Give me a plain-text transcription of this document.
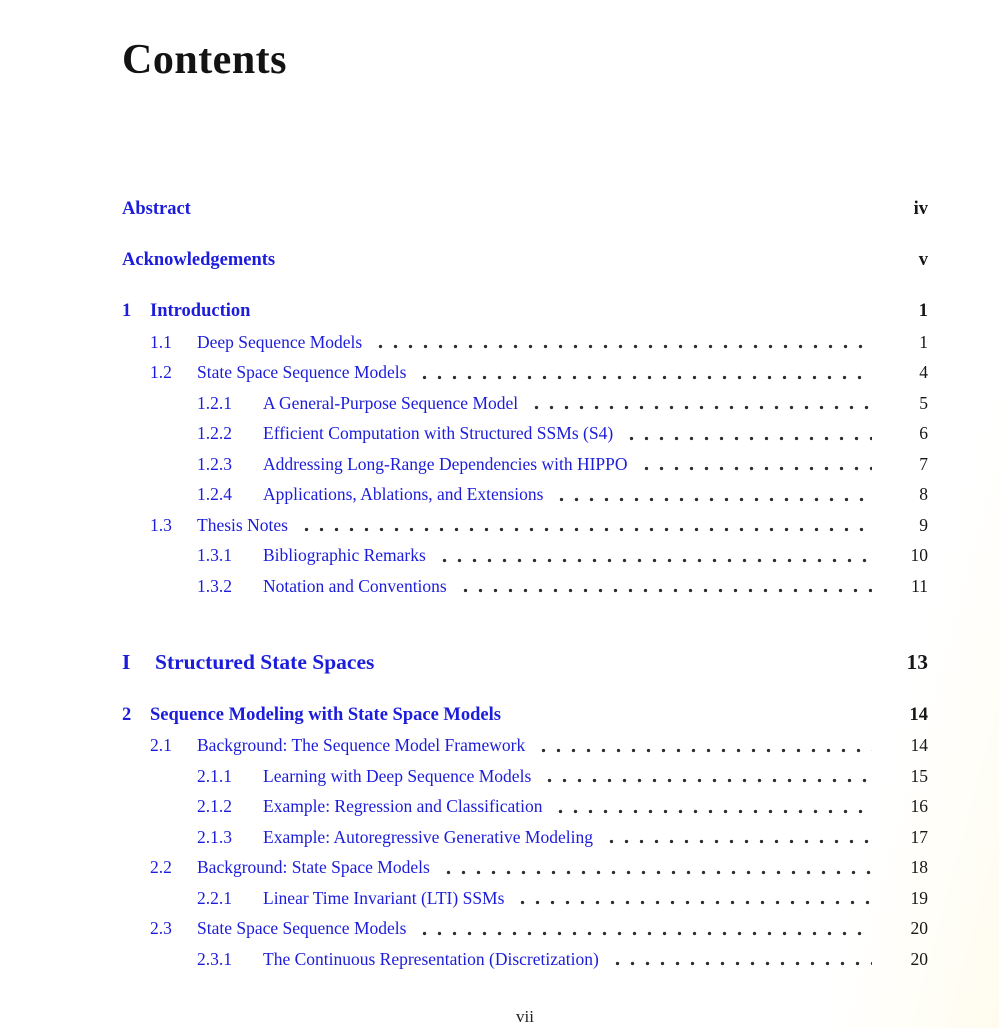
Contents
Abstract	iv
Acknowledgements	v
1	Introduction	1
1.1	Deep Sequence Models	1
1.2	State Space Sequence Models	4
1.2.1	A General-Purpose Sequence Model	5
1.2.2	Efficient Computation with Structured SSMs (S4)	6
1.2.3	Addressing Long-Range Dependencies with HIPPO	7
1.2.4	Applications, Ablations, and Extensions	8
1.3	Thesis Notes	9
1.3.1	Bibliographic Remarks	10
1.3.2	Notation and Conventions	11
I	Structured State Spaces	13
2	Sequence Modeling with State Space Models	14
2.1	Background: The Sequence Model Framework	14
2.1.1	Learning with Deep Sequence Models	15
2.1.2	Example: Regression and Classification	16
2.1.3	Example: Autoregressive Generative Modeling	17
2.2	Background: State Space Models	18
2.2.1	Linear Time Invariant (LTI) SSMs	19
2.3	State Space Sequence Models	20
2.3.1	The Continuous Representation (Discretization)	20
vii
